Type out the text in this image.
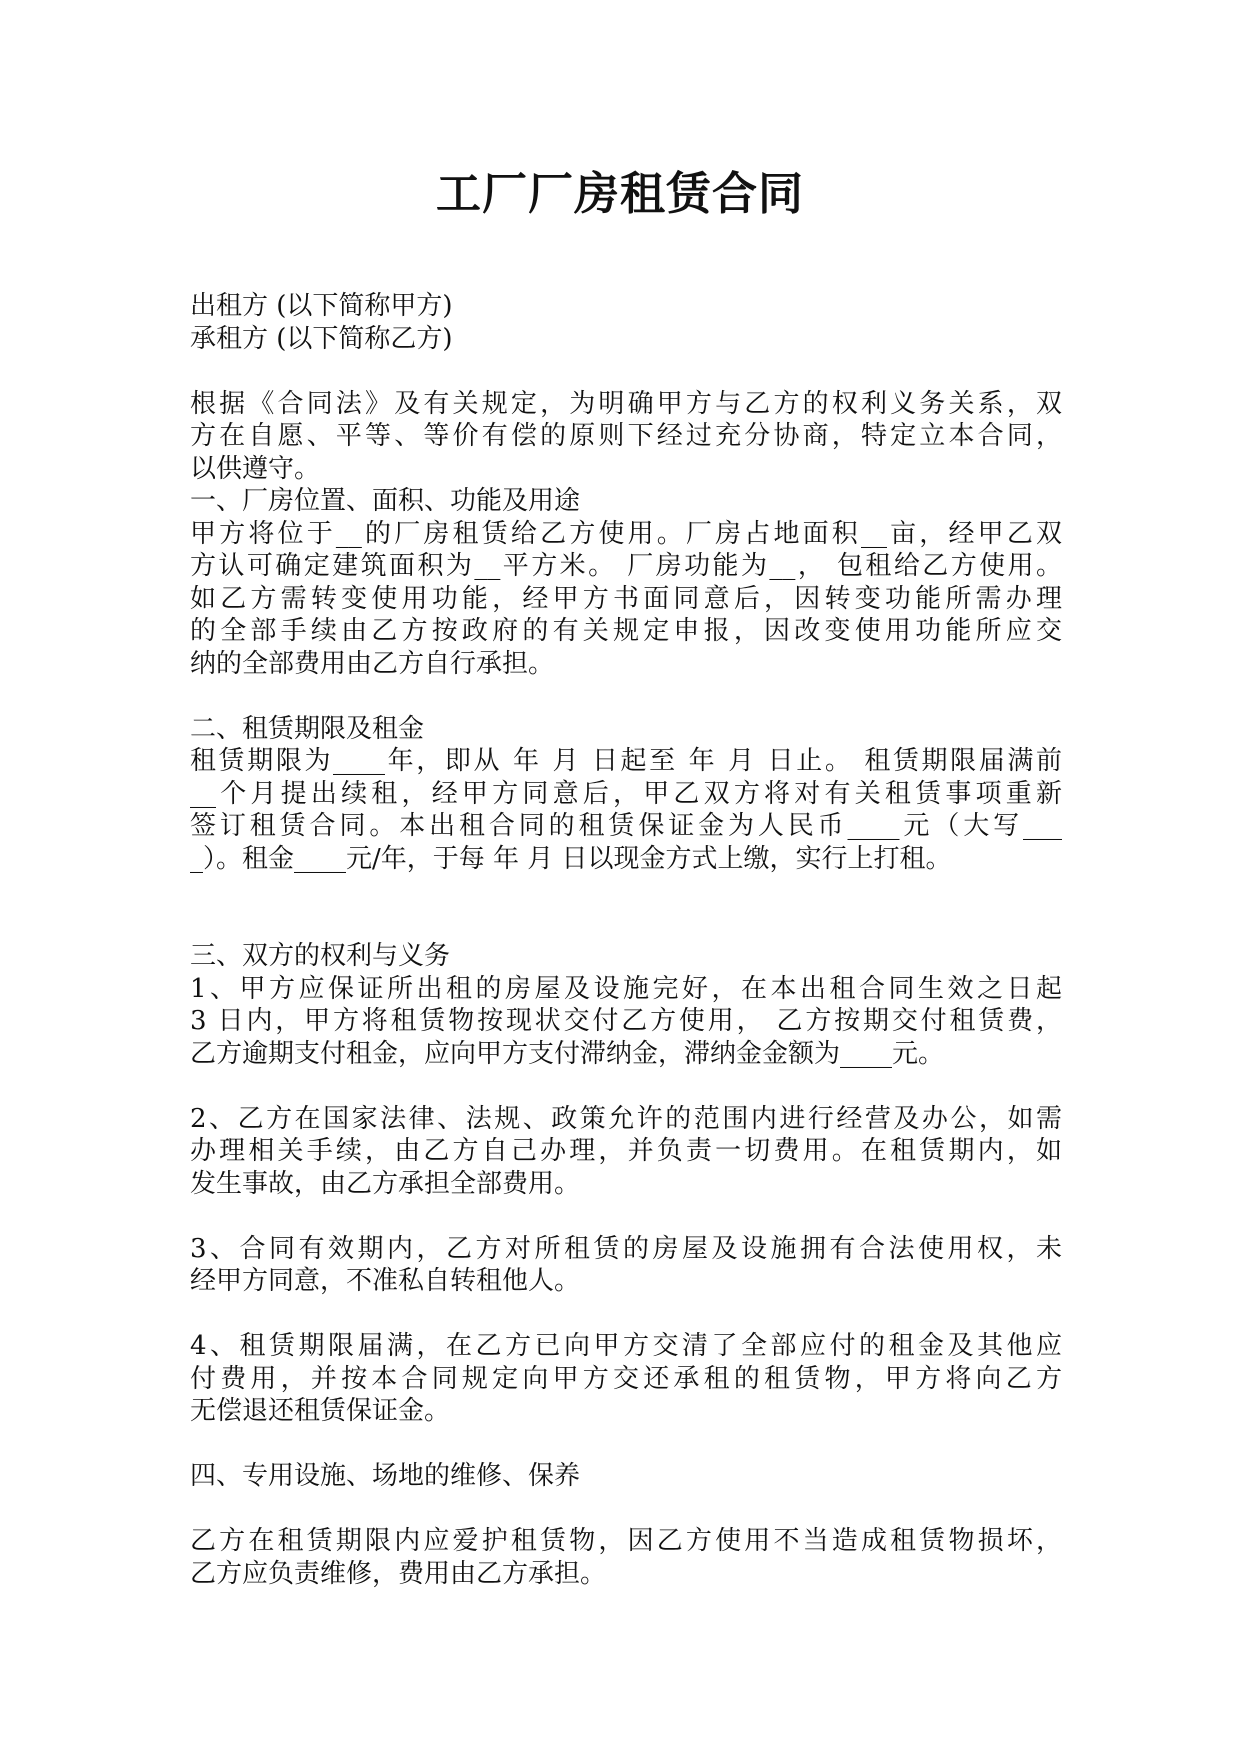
工厂厂房租赁合同
出租方 (以下简称甲方)
承租方 (以下简称乙方)
根据《合同法》及有关规定，为明确甲方与乙方的权利义务关系，双
方在自愿、平等、等价有偿的原则下经过充分协商，特定立本合同，
以供遵守。
一、厂房位置、面积、功能及用途
甲方将位于__的厂房租赁给乙方使用。厂房占地面积__亩，经甲乙双
方认可确定建筑面积为__平方米。 厂房功能为__， 包租给乙方使用。
如乙方需转变使用功能，经甲方书面同意后，因转变功能所需办理
的全部手续由乙方按政府的有关规定申报，因改变使用功能所应交
纳的全部费用由乙方自行承担。
二、租赁期限及租金
租赁期限为____年，即从 年 月 日起至 年 月 日止。 租赁期限届满前
__个月提出续租，经甲方同意后，甲乙双方将对有关租赁事项重新
签订租赁合同。本出租合同的租赁保证金为人民币____元（大写___
_）。租金____元/年，于每 年 月 日以现金方式上缴，实行上打租。
三、双方的权利与义务
1、甲方应保证所出租的房屋及设施完好，在本出租合同生效之日起
3 日内，甲方将租赁物按现状交付乙方使用， 乙方按期交付租赁费，
乙方逾期支付租金，应向甲方支付滞纳金，滞纳金金额为____元。
2、乙方在国家法律、法规、政策允许的范围内进行经营及办公，如需
办理相关手续，由乙方自己办理，并负责一切费用。在租赁期内，如
发生事故，由乙方承担全部费用。
3、合同有效期内，乙方对所租赁的房屋及设施拥有合法使用权，未
经甲方同意，不准私自转租他人。
4、租赁期限届满，在乙方已向甲方交清了全部应付的租金及其他应
付费用，并按本合同规定向甲方交还承租的租赁物，甲方将向乙方
无偿退还租赁保证金。
四、专用设施、场地的维修、保养
乙方在租赁期限内应爱护租赁物，因乙方使用不当造成租赁物损坏，
乙方应负责维修，费用由乙方承担。
